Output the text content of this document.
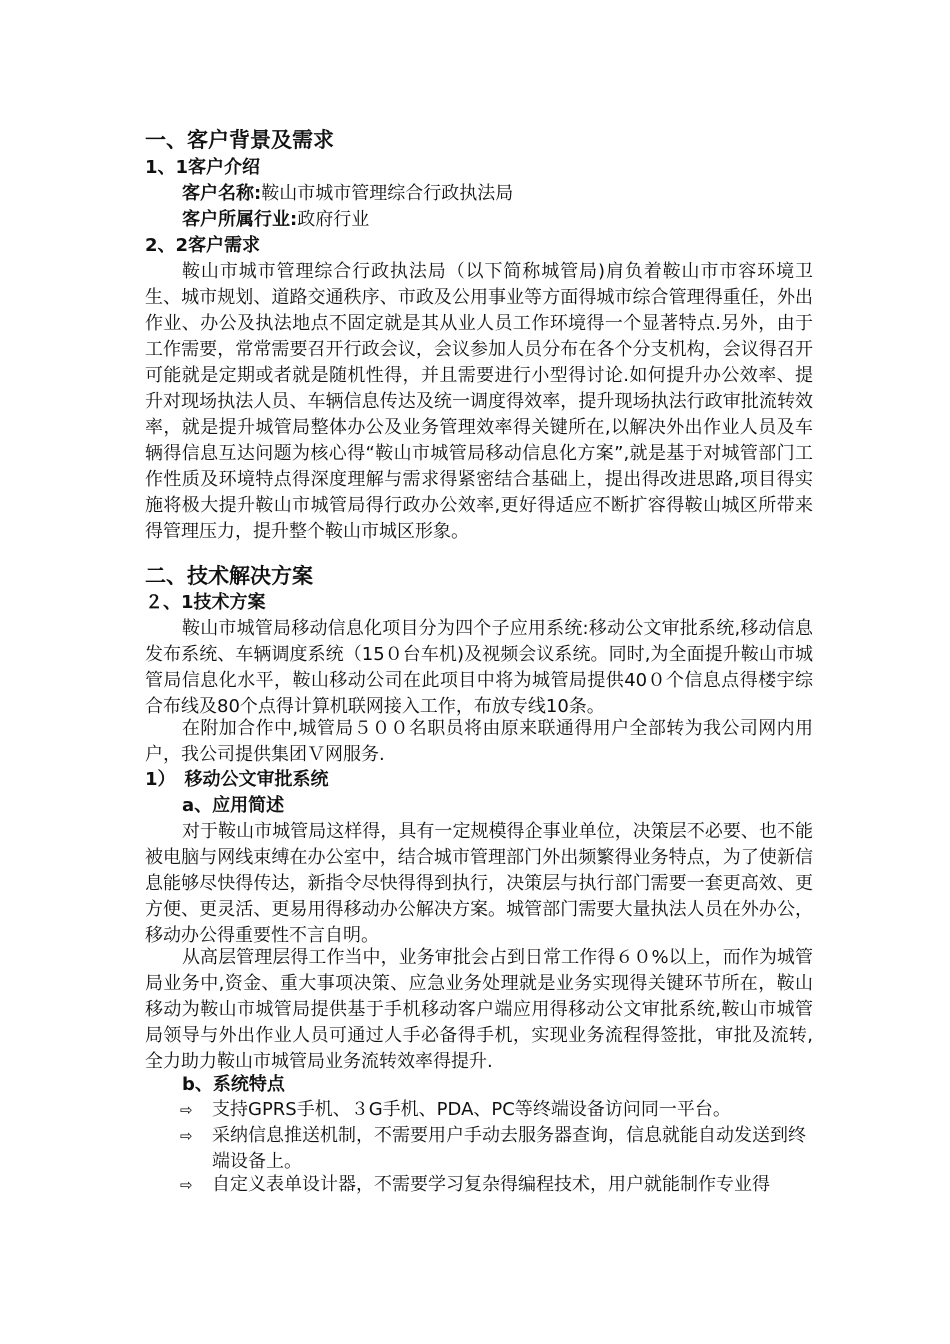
一、客户背景及需求
1、1客户介绍
客户名称:鞍山市城市管理综合行政执法局
客户所属行业:政府行业
2、2客户需求

鞍山市城市管理综合行政执法局（以下简称城管局)肩负着鞍山市市容环境卫生、城市规划、道路交通秩序、市政及公用事业等方面得城市综合管理得重任，外出作业、办公及执法地点不固定就是其从业人员工作环境得一个显著特点.另外，由于工作需要，常常需要召开行政会议，会议参加人员分布在各个分支机构，会议得召开可能就是定期或者就是随机性得，并且需要进行小型得讨论.如何提升办公效率、提升对现场执法人员、车辆信息传达及统一调度得效率，提升现场执法行政审批流转效率，就是提升城管局整体办公及业务管理效率得关键所在,以解决外出作业人员及车辆得信息互达问题为核心得“鞍山市城管局移动信息化方案”,就是基于对城管部门工作性质及环境特点得深度理解与需求得紧密结合基础上，提出得改进思路,项目得实施将极大提升鞍山市城管局得行政办公效率,更好得适应不断扩容得鞍山城区所带来得管理压力，提升整个鞍山市城区形象。

二、技术解决方案
２、1技术方案

鞍山市城管局移动信息化项目分为四个子应用系统:移动公文审批系统,移动信息发布系统、车辆调度系统（15０台车机)及视频会议系统。同时,为全面提升鞍山市城管局信息化水平，鞍山移动公司在此项目中将为城管局提供40０个信息点得楼宇综合布线及80个点得计算机联网接入工作，布放专线10条。

在附加合作中,城管局５００名职员将由原来联通得用户全部转为我公司网内用户，我公司提供集团Ｖ网服务.

1）　移动公文审批系统
a、应用简述

对于鞍山市城管局这样得，具有一定规模得企事业单位，决策层不必要、也不能被电脑与网线束缚在办公室中，结合城市管理部门外出频繁得业务特点，为了使新信息能够尽快得传达，新指令尽快得得到执行，决策层与执行部门需要一套更高效、更方便、更灵活、更易用得移动办公解决方案。城管部门需要大量执法人员在外办公，移动办公得重要性不言自明。

从高层管理层得工作当中，业务审批会占到日常工作得６０%以上，而作为城管局业务中,资金、重大事项决策、应急业务处理就是业务实现得关键环节所在，鞍山移动为鞍山市城管局提供基于手机移动客户端应用得移动公文审批系统,鞍山市城管局领导与外出作业人员可通过人手必备得手机，实现业务流程得签批，审批及流转,全力助力鞍山市城管局业务流转效率得提升.

b、系统特点
⇨ 支持GPRS手机、３G手机、PDA、PC等终端设备访问同一平台。
⇨ 采纳信息推送机制，不需要用户手动去服务器查询，信息就能自动发送到终端设备上。
⇨ 自定义表单设计器，不需要学习复杂得编程技术，用户就能制作专业得
